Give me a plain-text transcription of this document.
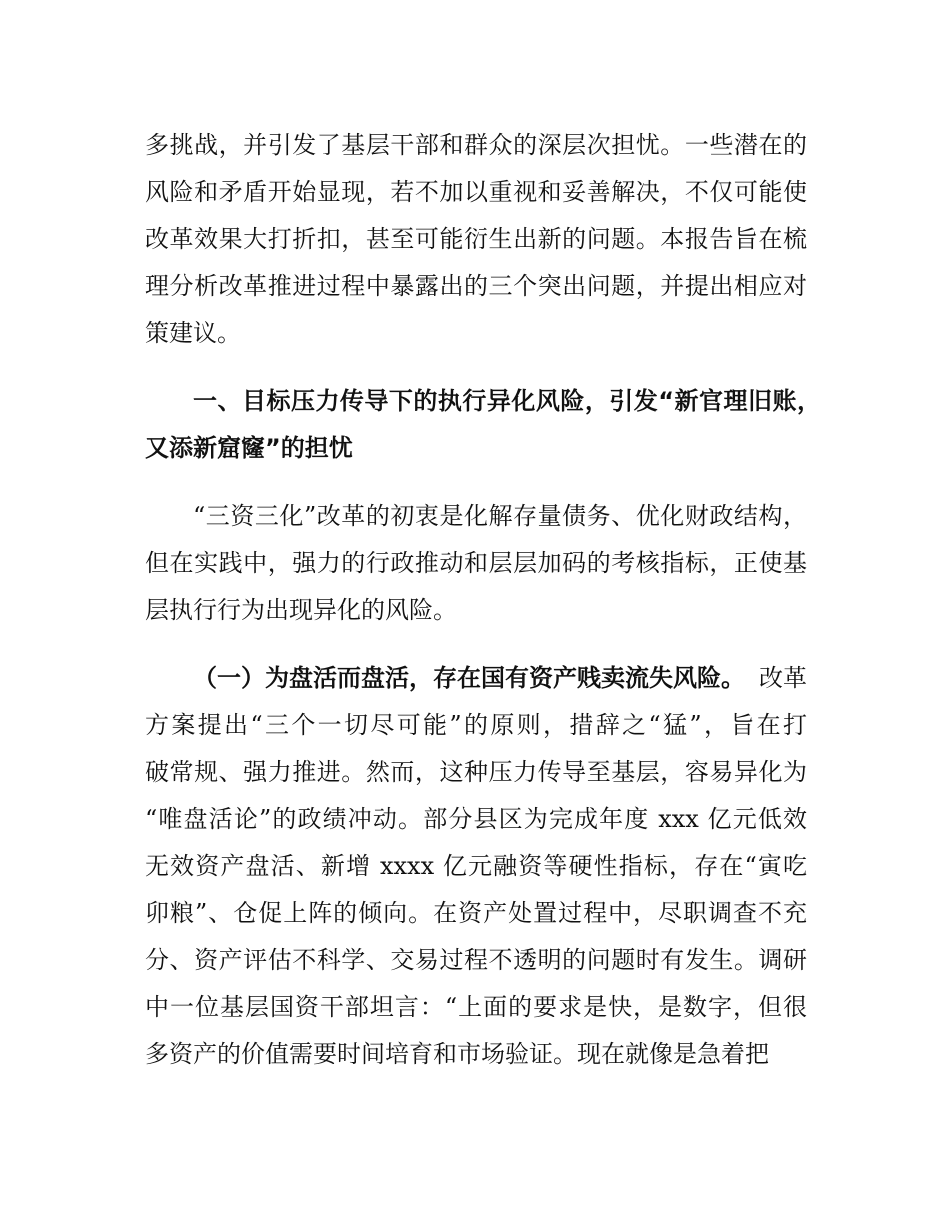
多挑战，并引发了基层干部和群众的深层次担忧。一些潜在的
风险和矛盾开始显现，若不加以重视和妥善解决，不仅可能使
改革效果大打折扣，甚至可能衍生出新的问题。本报告旨在梳
理分析改革推进过程中暴露出的三个突出问题，并提出相应对
策建议。
一、目标压力传导下的执行异化风险，引发“新官理旧账，
又添新窟窿”的担忧
“三资三化”改革的初衷是化解存量债务、优化财政结构，
但在实践中，强力的行政推动和层层加码的考核指标，正使基
层执行行为出现异化的风险。
（一）为盘活而盘活，存在国有资产贱卖流失风险。 改革
方案提出“三个一切尽可能”的原则，措辞之“猛”，旨在打
破常规、强力推进。然而，这种压力传导至基层，容易异化为
“唯盘活论”的政绩冲动。部分县区为完成年度 xxx 亿元低效
无效资产盘活、新增 xxxx 亿元融资等硬性指标，存在“寅吃
卯粮”、仓促上阵的倾向。在资产处置过程中，尽职调查不充
分、资产评估不科学、交易过程不透明的问题时有发生。调研
中一位基层国资干部坦言：“上面的要求是快，是数字，但很
多资产的价值需要时间培育和市场验证。现在就像是急着把
